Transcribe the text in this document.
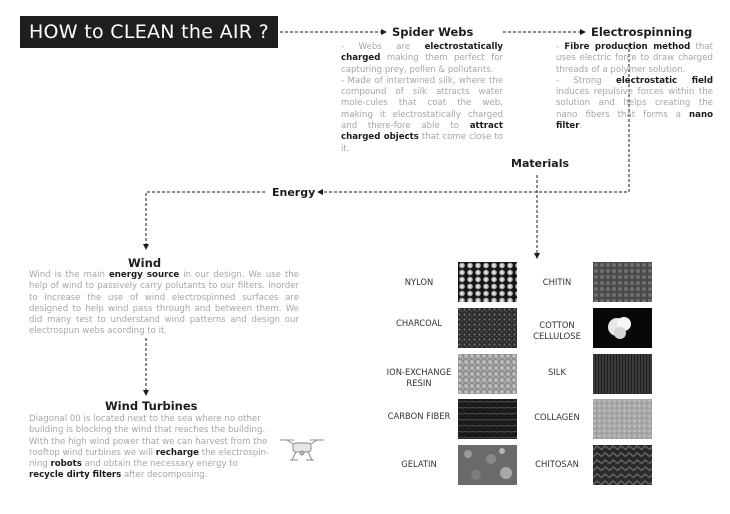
HOW to CLEAN the AIR ?	Spider Webs
- Webs are electrostatically charged making them perfect for capturing prey, pollen & pollutants.
- Made of intertwined silk, where the compound of silk attracts water mole-cules that coat the web, making it electrostatically charged and there-fore able to attract charged objects that come close to it.
Electrospinning
- Fibre production method that uses electric force to draw charged threads of a polymer solution.
- Strong electrostatic field induces repulsive forces within the solution and helps creating the nano fibers that forms a nano filter.
Materials
Energy
Wind
Wind is the main energy source in our design. We use the help of wind to passively carry polutants to our filters. Inorder to increase the use of wind electrospinned surfaces are designed to help wind pass through and between them. We did many test to understand wind patterns and design our electrospun webs acording to it.
Wind Turbines
Diagonal 00 is located next to the sea where no other building is blocking the wind that reaches the building. With the high wind power that we can harvest from the rooftop wind turbines we will recharge the electrospin-ning robots and obtain the necessary energy to recycle dirty filters after decomposing.
NYLON
CHARCOAL
ION-EXCHANGE RESIN
CARBON FIBER
GELATIN
CHITIN
COTTON CELLULOSE
SILK
COLLAGEN
CHITOSAN
